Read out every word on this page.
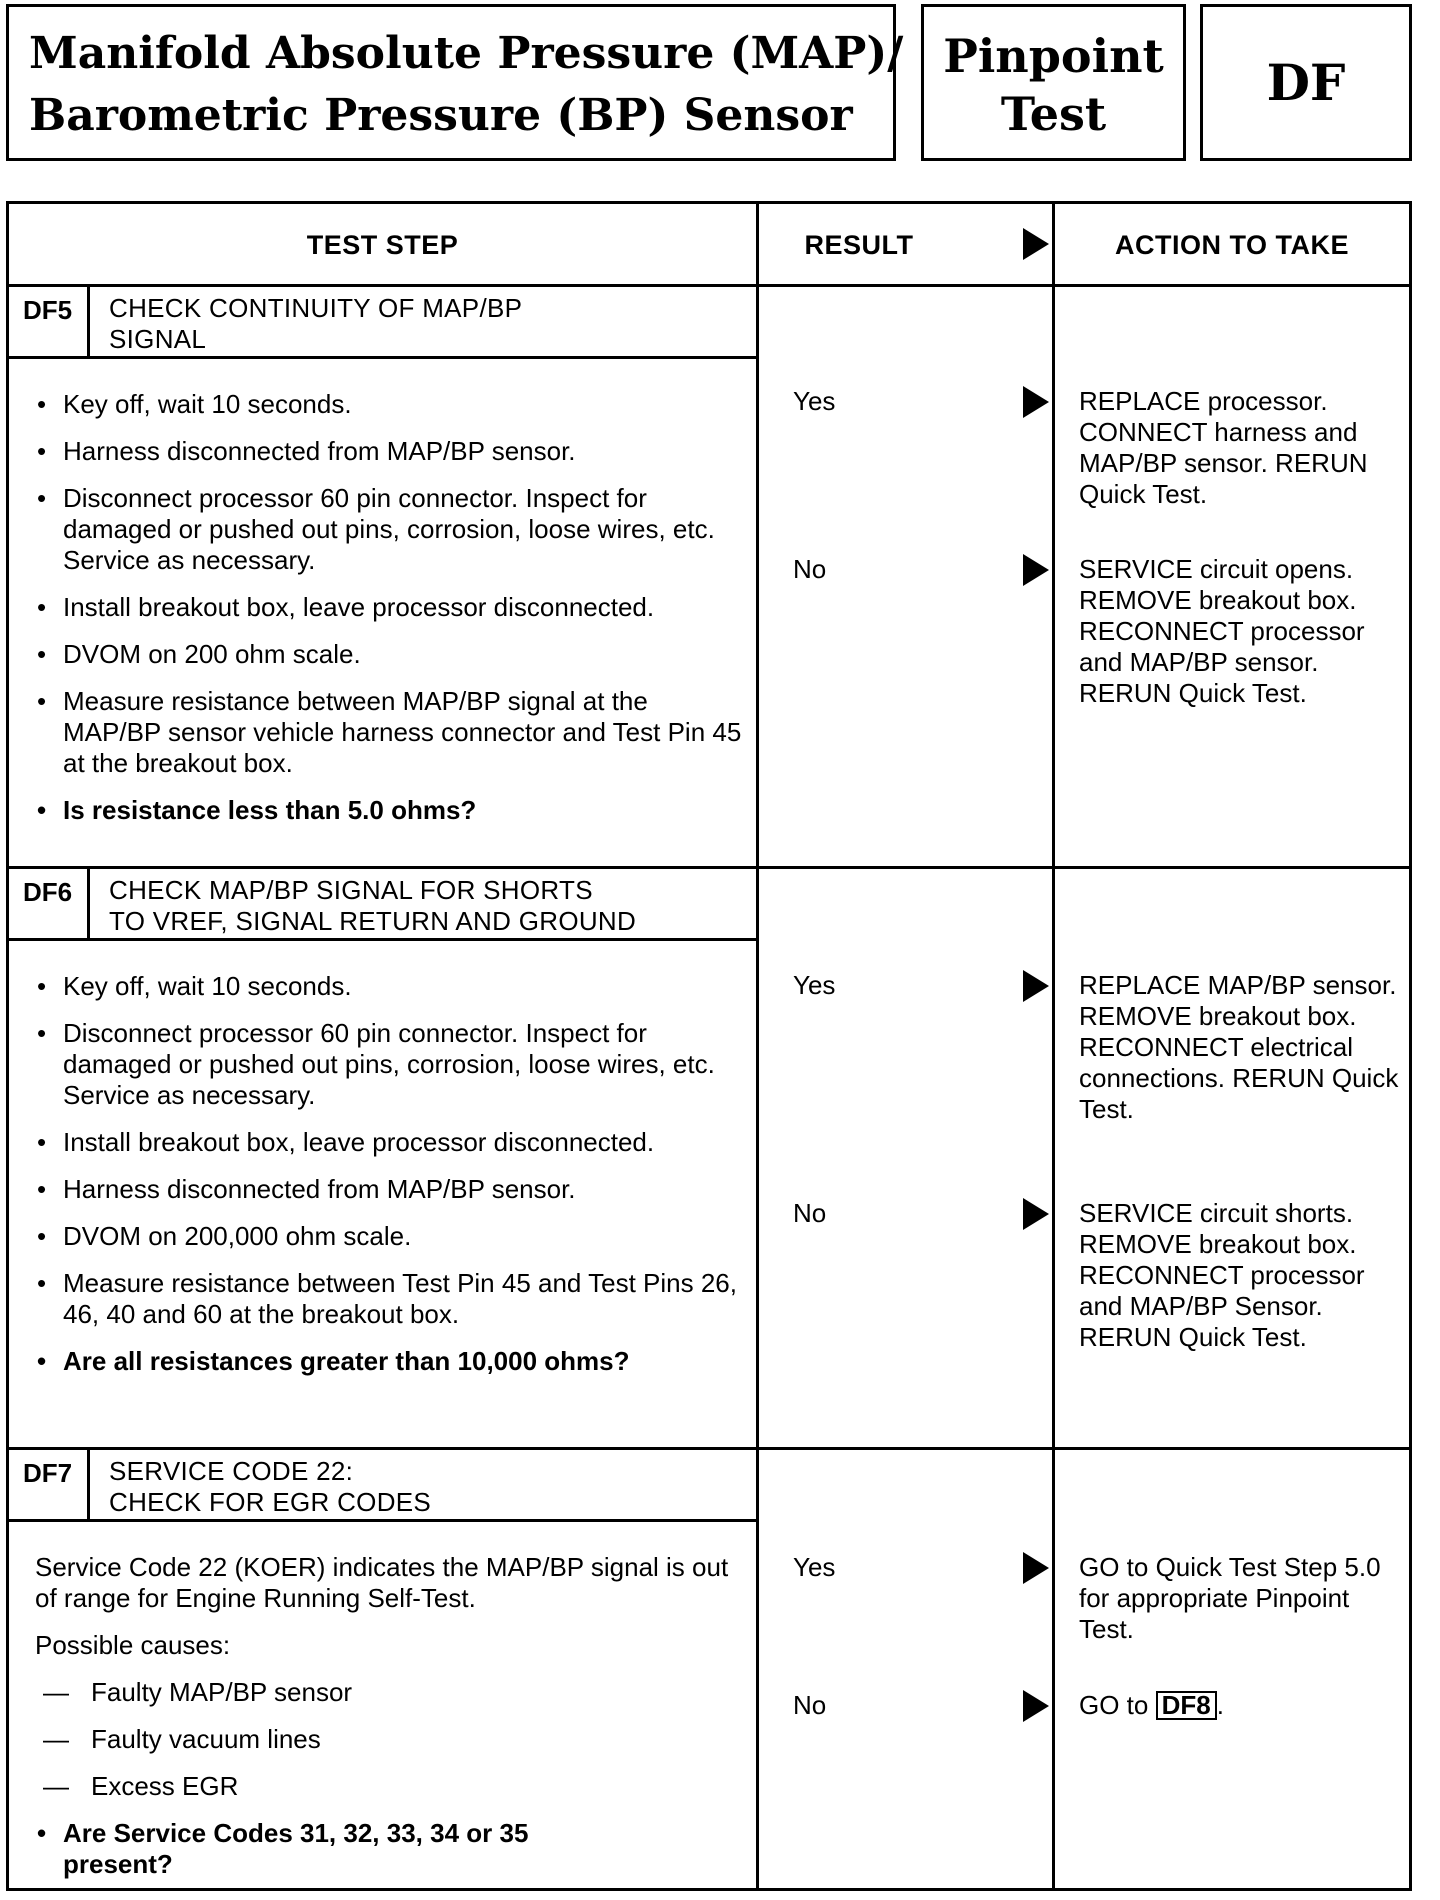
Manifold Absolute Pressure (MAP)/
Barometric Pressure (BP) Sensor
Pinpoint
Test
DF
TEST STEP	RESULT	ACTION TO TAKE
DF5	CHECK CONTINUITY OF MAP/BP
SIGNAL
• Key off, wait 10 seconds.
• Harness disconnected from MAP/BP sensor.
• Disconnect processor 60 pin connector. Inspect for damaged or pushed out pins, corrosion, loose wires, etc. Service as necessary.
• Install breakout box, leave processor disconnected.
• DVOM on 200 ohm scale.
• Measure resistance between MAP/BP signal at the MAP/BP sensor vehicle harness connector and Test Pin 45 at the breakout box.
• Is resistance less than 5.0 ohms?
Yes	REPLACE processor. CONNECT harness and MAP/BP sensor. RERUN Quick Test.
No	SERVICE circuit opens. REMOVE breakout box. RECONNECT processor and MAP/BP sensor. RERUN Quick Test.
DF6	CHECK MAP/BP SIGNAL FOR SHORTS
TO VREF, SIGNAL RETURN AND GROUND
• Key off, wait 10 seconds.
• Disconnect processor 60 pin connector. Inspect for damaged or pushed out pins, corrosion, loose wires, etc. Service as necessary.
• Install breakout box, leave processor disconnected.
• Harness disconnected from MAP/BP sensor.
• DVOM on 200,000 ohm scale.
• Measure resistance between Test Pin 45 and Test Pins 26, 46, 40 and 60 at the breakout box.
• Are all resistances greater than 10,000 ohms?
Yes	REPLACE MAP/BP sensor. REMOVE breakout box. RECONNECT electrical connections. RERUN Quick Test.
No	SERVICE circuit shorts. REMOVE breakout box. RECONNECT processor and MAP/BP Sensor. RERUN Quick Test.
DF7	SERVICE CODE 22:
CHECK FOR EGR CODES

Service Code 22 (KOER) indicates the MAP/BP signal is out of range for Engine Running Self-Test.

Possible causes:

— Faulty MAP/BP sensor
— Faulty vacuum lines
— Excess EGR
• Are Service Codes 31, 32, 33, 34 or 35 present?
Yes	GO to Quick Test Step 5.0 for appropriate Pinpoint Test.
No	GO to DF8 .
